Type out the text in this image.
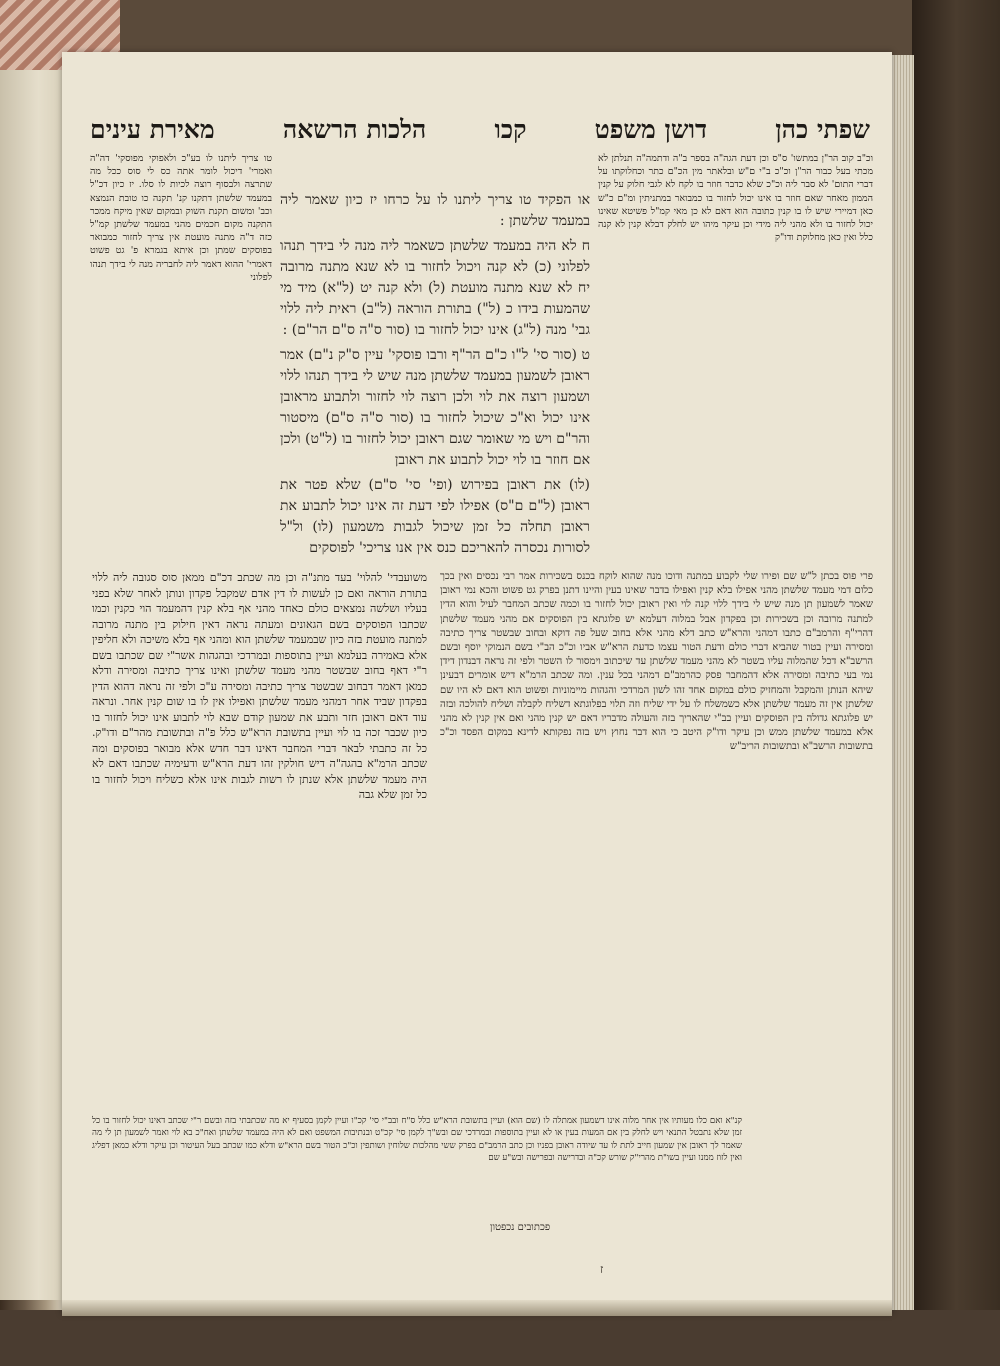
שפתי כהן
דושן משפט
קכו
הלכות הרשאה
מאירת עינים

וכ"ב קוב הר"ן במתשו' ס"ס וכן דעת הגה"ה בספר ב"ה ודתמה"ה תנלתן לא מכתי בעל כבור הר"ן וכ"כ ב"י ם"ש ובלאתר מין הכ"ם כתר וכחלוקתו על דברי התום' לא סבר ליה וכ"כ שלא כדבר חוזר בו לקח לא לגבי חלוק על קנין הממון מאחר שאם חוזר בו אינו יכול לחזור בו כמבואר במתניתין ומ"ם כ"ש כאן דמיירי שיש לו בו קנין כתובה הוא דאם לא כן מאי קמ"ל פשיטא שאינו יכול לחזור בו ולא מהני ליה מידי וכן עיקר מיהו יש לחלק דבלא קנין לא קנה כלל ואין כאן מחלוקת ודו"ק

טו צריך ליתנו לו בע"כ ולאפוקי מפוסקי' דה"ה ואמרי' דיכול לומר אתה כס לי סוס ככל מה שתרצה ולבסוף רוצה לכיות לו סלו. יז כיון דכ"ל במעמד שלשתן דתקנו קנ' תקנה כו טובת הנמצא וכב' ומשום תקנת השוק ובמקום שאין מיקח ממכר התקנה מקום חכמים מהני במעמד שלשתן קמ"ל כזה ד"ה מתנה מועטת אין צריך לחזור כמבואר בפוסקים שמתן וכן איתא בגמרא פ' גט פשוט דאמרי' ההוא דאמר ליה לחבריה מנה לי בידך תנהו לפלוני

או הפקיד טו צריך ליתנו לו על כרחו יז כיון שאמר ליה במעמד שלשתן :

ח לא היה במעמד שלשתן כשאמר ליה מנה לי בידך תנהו לפלוני (כ) לא קנה ויכול לחזור בו לא שנא מתנה מרובה יח לא שנא מתנה מועטת (ל) ולא קנה יט (ל"א) מיד מי שהמעות בידו כ (ל") בתורת הוראה (ל"ב) ראית ליה ללוי גבי' מנה (ל"ג) אינו יכול לחזור בו (סור ס"ה ס"ם הר"ם) :

ט (סור סי' ל"ו כ"ם הר"ף ורבו פוסקי' עיין ס"ק נ"ם) אמר ראובן לשמעון במעמד שלשתן מנה שיש לי בידך תנהו ללוי ושמעון רוצה את לוי ולכן רוצה לוי לחזור ולתבוע מראובן אינו יכול וא"כ שיכול לחזור בו (סור ס"ה ס"ם) מיסטור והר"ם ויש מי שאומר שגם ראובן יכול לחזור בו (ל"ט) ולכן אם חוזר בו לוי יכול לתבוע את ראובן

(לו) את ראובן בפירוש (ופי' סי' ס"ם) שלא פטר את ראובן (ל"ם ם"ס) אפילו לפי דעת זה אינו יכול לתבוע את ראובן תחלה כל זמן שיכול לגבות משמעון (לו) ול"ל לסורות נכסרה להאריכם כנס אין אנו צריכי' לפוסקים

משועבדי' להלוי' בעד מתנ"ה וכן מה שכתב דכ"ם ממאן סוס סגובה ליה ללוי בתורת הוראה ואם כן לעשות לו דין אדם שמקבל פקדון ונותן לאחר שלא בפני בעליו ושלשה נמצאים כולם כאחד מהני אף בלא קנין דהמעמד הוי כקנין וכמו שכתבו הפוסקים בשם הגאונים ומעתה נראה דאין חילוק בין מתנה מרובה למתנה מועטת בזה כיון שבמעמד שלשתן הוא ומהני אף בלא משיכה ולא חליפין אלא באמירה בעלמא ועיין בתוספות ובמרדכי ובהגהות אשר"י שם שכתבו בשם ר"י דאף בחוב שבשטר מהני מעמד שלשתן ואינו צריך כתיבה ומסירה ודלא כמאן דאמר דבחוב שבשטר צריך כתיבה ומסירה ע"כ ולפי זה נראה דהוא הדין בפקדון שביד אחר דמהני מעמד שלשתן ואפילו אין לו בו שום קנין אחר. ונראה עוד דאם ראובן חזר ותבע את שמעון קודם שבא לוי לתבוע אינו יכול לחזור בו כיון שכבר זכה בו לוי ועיין בתשובת הרא"ש כלל פ"ה ובתשובת מהר"ם ודו"ק. כל זה כתבתי לבאר דברי המחבר דאינו דבר חדש אלא מבואר בפוסקים ומה שכתב הרמ"א בהגה"ה דיש חולקין זהו דעת הרא"ש ודעימיה שכתבו דאם לא היה מעמד שלשתן אלא שנתן לו רשות לגבות אינו אלא כשליח ויכול לחזור בו כל זמן שלא גבה

פרי פוס בכתן ל"ש שם ופירו שלי לקבוע במתנה ודוכו מנה שהוא לוקח בכנס בשכירות אמר רבי נכסים ואין בכך כלום דמי מעמד שלשתן מהני אפילו בלא קנין ואפילו בדבר שאינו בעין והיינו דתנן בפרק גט פשוט והכא נמי ראובן שאמר לשמעון תן מנה שיש לי בידך ללוי קנה לוי ואין ראובן יכול לחזור בו וכמה שכתב המחבר לעיל והוא הדין למתנה מרובה וכן בשכירות וכן בפקדון אבל במלוה דעלמא יש פלוגתא בין הפוסקים אם מהני מעמד שלשתן דהרי"ף והרמב"ם כתבו דמהני והרא"ש כתב דלא מהני אלא בחוב שעל פה דוקא ובחוב שבשטר צריך כתיבה ומסירה ועיין בטור שהביא דברי כולם ודעת הטור עצמו כדעת הרא"ש אביו וכ"כ הב"י בשם הנמוקי יוסף ובשם הרשב"א דכל שהמלוה עליו בשטר לא מהני מעמד שלשתן עד שיכתוב וימסור לו השטר ולפי זה נראה דבנדון דידן נמי בעי כתיבה ומסירה אלא דהמחבר פסק כהרמב"ם דמהני בכל ענין. ומה שכתב הרמ"א דיש אומרים דבעינן שיהא הנותן והמקבל והמחזיק כולם במקום אחד זהו לשון המרדכי והגהות מיימוניות ופשוט הוא דאם לא היו שם שלשתן אין זה מעמד שלשתן אלא כשמשלח לו על ידי שליח וזה תלוי בפלוגתא דשליח לקבלה ושליח להולכה ובזה יש פלוגתא גדולה בין הפוסקים ועיין בב"י שהאריך בזה והעולה מדבריו דאם יש קנין מהני ואם אין קנין לא מהני אלא במעמד שלשתן ממש וכן עיקר ודו"ק היטב כי הוא דבר נחוץ ויש בזה נפקותא לדינא במקום הפסד וכ"כ בתשובות הרשב"א ובתשובות הריב"ש

קנ"א ואם כלו מעותיו אין אחר מלוה אינו דשמעון אמתלה לו (שם הוא) ועיין בתשובת הרא"ש כלל ס"ח ובב"י סי' קכ"ו ועיין לקמן בסעיף יא מה שכתבתי בזה ובשם ר"י שכתב דאינו יכול לחזור בו כל זמן שלא נתבטל התנאי ויש לחלק בין אם המעות בעין או לא ועיין בתוספות ובמרדכי שם ובש"ך לקמן סי' קכ"ט ובנתיבות המשפט ואם לא היה במעמד שלשתן ואח"כ בא לוי ואמר לשמעון תן לי מה שאמר לך ראובן אין שמעון חייב לתת לו עד שיודה ראובן בפניו וכן כתב הרמב"ם בפרק ששי מהלכות שלוחין ושותפין וכ"כ הטור בשם הרא"ש ודלא כמו שכתב בעל העיטור וכן עיקר ודלא כמאן דפליג ואין לזוז ממנו ועיין בשו"ת מהרי"ק שורש קכ"ה ובדרישה ובפרישה ובש"ע שם

פכתובים נכפטון
ז
